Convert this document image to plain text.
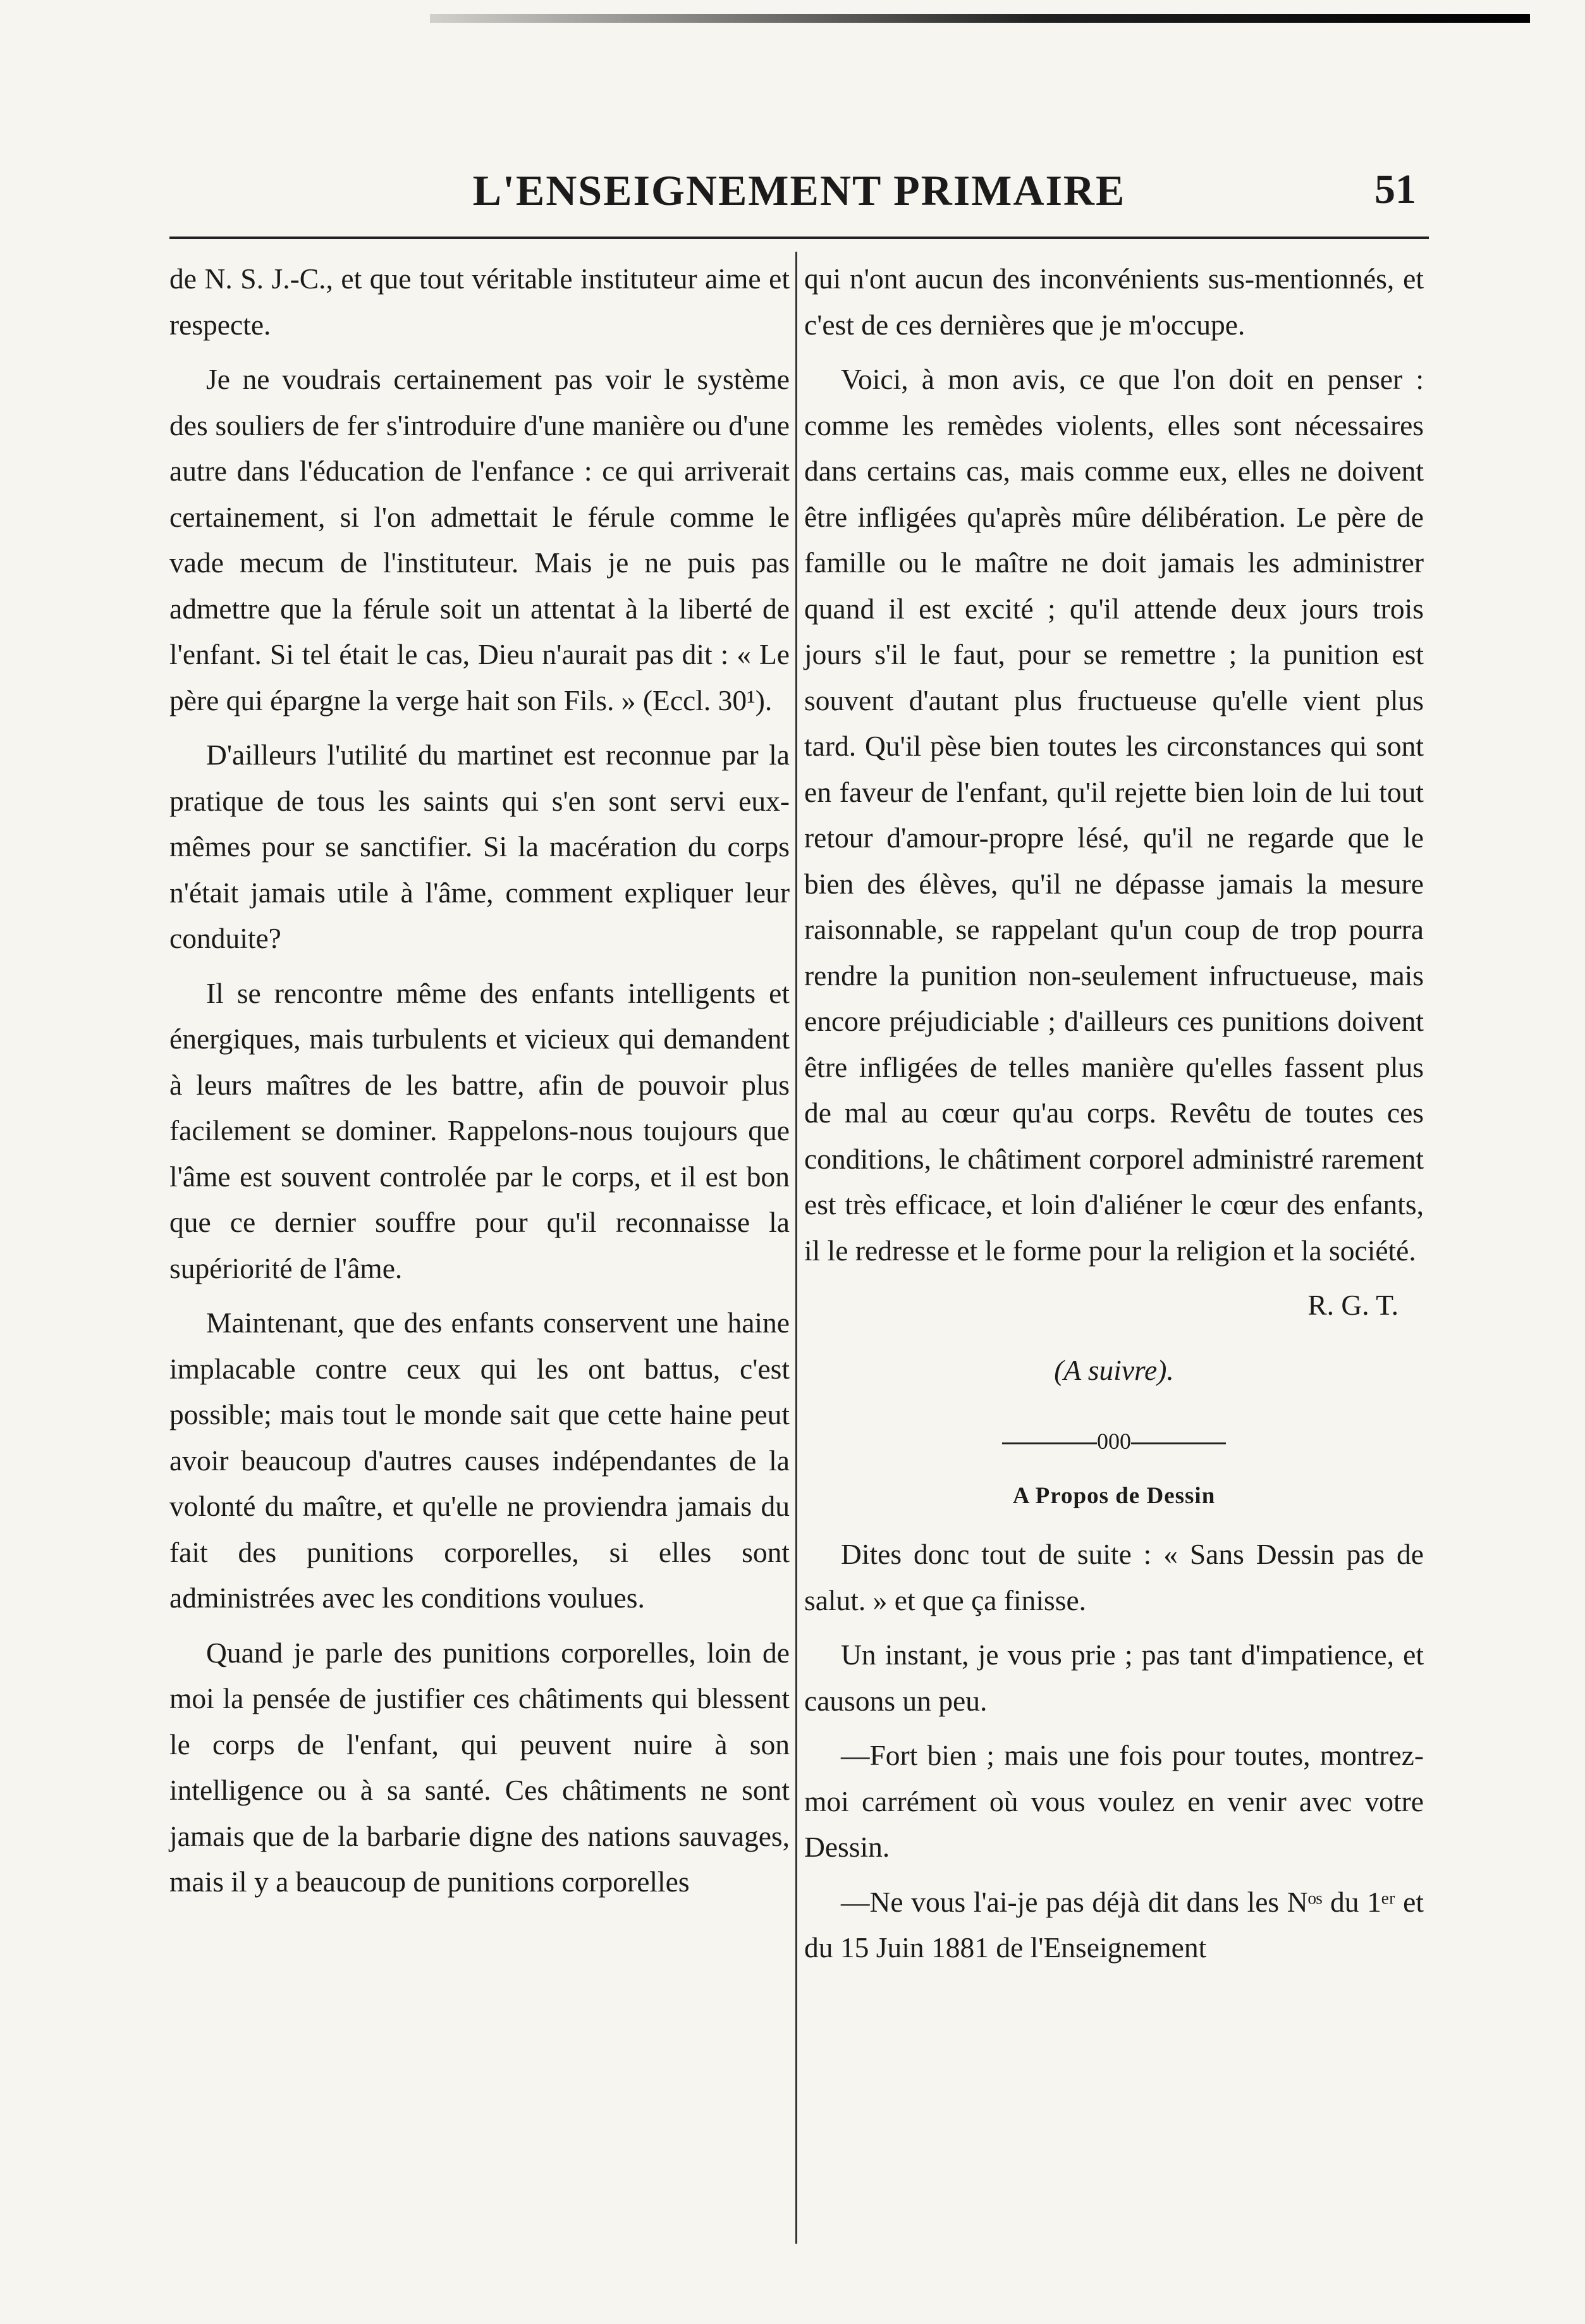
L'ENSEIGNEMENT PRIMAIRE	51

de N. S. J.-C., et que tout véritable instituteur aime et respecte.

Je ne voudrais certainement pas voir le système des souliers de fer s'introduire d'une manière ou d'une autre dans l'éducation de l'enfance : ce qui arriverait certainement, si l'on admettait le férule comme le vade mecum de l'instituteur. Mais je ne puis pas admettre que la férule soit un attentat à la liberté de l'enfant. Si tel était le cas, Dieu n'aurait pas dit : « Le père qui épargne la verge hait son Fils. » (Eccl. 30¹).

D'ailleurs l'utilité du martinet est reconnue par la pratique de tous les saints qui s'en sont servi eux-mêmes pour se sanctifier. Si la macération du corps n'était jamais utile à l'âme, comment expliquer leur conduite?

Il se rencontre même des enfants intelligents et énergiques, mais turbulents et vicieux qui demandent à leurs maîtres de les battre, afin de pouvoir plus facilement se dominer. Rappelons-nous toujours que l'âme est souvent controlée par le corps, et il est bon que ce dernier souffre pour qu'il reconnaisse la supériorité de l'âme.

Maintenant, que des enfants conservent une haine implacable contre ceux qui les ont battus, c'est possible; mais tout le monde sait que cette haine peut avoir beaucoup d'autres causes indépendantes de la volonté du maître, et qu'elle ne proviendra jamais du fait des punitions corporelles, si elles sont administrées avec les conditions voulues.

Quand je parle des punitions corporelles, loin de moi la pensée de justifier ces châtiments qui blessent le corps de l'enfant, qui peuvent nuire à son intelligence ou à sa santé. Ces châtiments ne sont jamais que de la barbarie digne des nations sauvages, mais il y a beaucoup de punitions corporelles

qui n'ont aucun des inconvénients sus-mentionnés, et c'est de ces dernières que je m'occupe.

Voici, à mon avis, ce que l'on doit en penser : comme les remèdes violents, elles sont nécessaires dans certains cas, mais comme eux, elles ne doivent être infligées qu'après mûre délibération. Le père de famille ou le maître ne doit jamais les administrer quand il est excité ; qu'il attende deux jours trois jours s'il le faut, pour se remettre ; la punition est souvent d'autant plus fructueuse qu'elle vient plus tard. Qu'il pèse bien toutes les circonstances qui sont en faveur de l'enfant, qu'il rejette bien loin de lui tout retour d'amour-propre lésé, qu'il ne regarde que le bien des élèves, qu'il ne dépasse jamais la mesure raisonnable, se rappelant qu'un coup de trop pourra rendre la punition non-seulement infructueuse, mais encore préjudiciable ; d'ailleurs ces punitions doivent être infligées de telles manière qu'elles fassent plus de mal au cœur qu'au corps. Revêtu de toutes ces conditions, le châtiment corporel administré rarement est très efficace, et loin d'aliéner le cœur des enfants, il le redresse et le forme pour la religion et la société.

R. G. T.

(A suivre).
000
A Propos de Dessin

Dites donc tout de suite : « Sans Dessin pas de salut. » et que ça finisse.

Un instant, je vous prie ; pas tant d'impatience, et causons un peu.

—Fort bien ; mais une fois pour toutes, montrez-moi carrément où vous voulez en venir avec votre Dessin.

—Ne vous l'ai-je pas déjà dit dans les Nᵒˢ du 1ᵉʳ et du 15 Juin 1881 de l'Enseignement
